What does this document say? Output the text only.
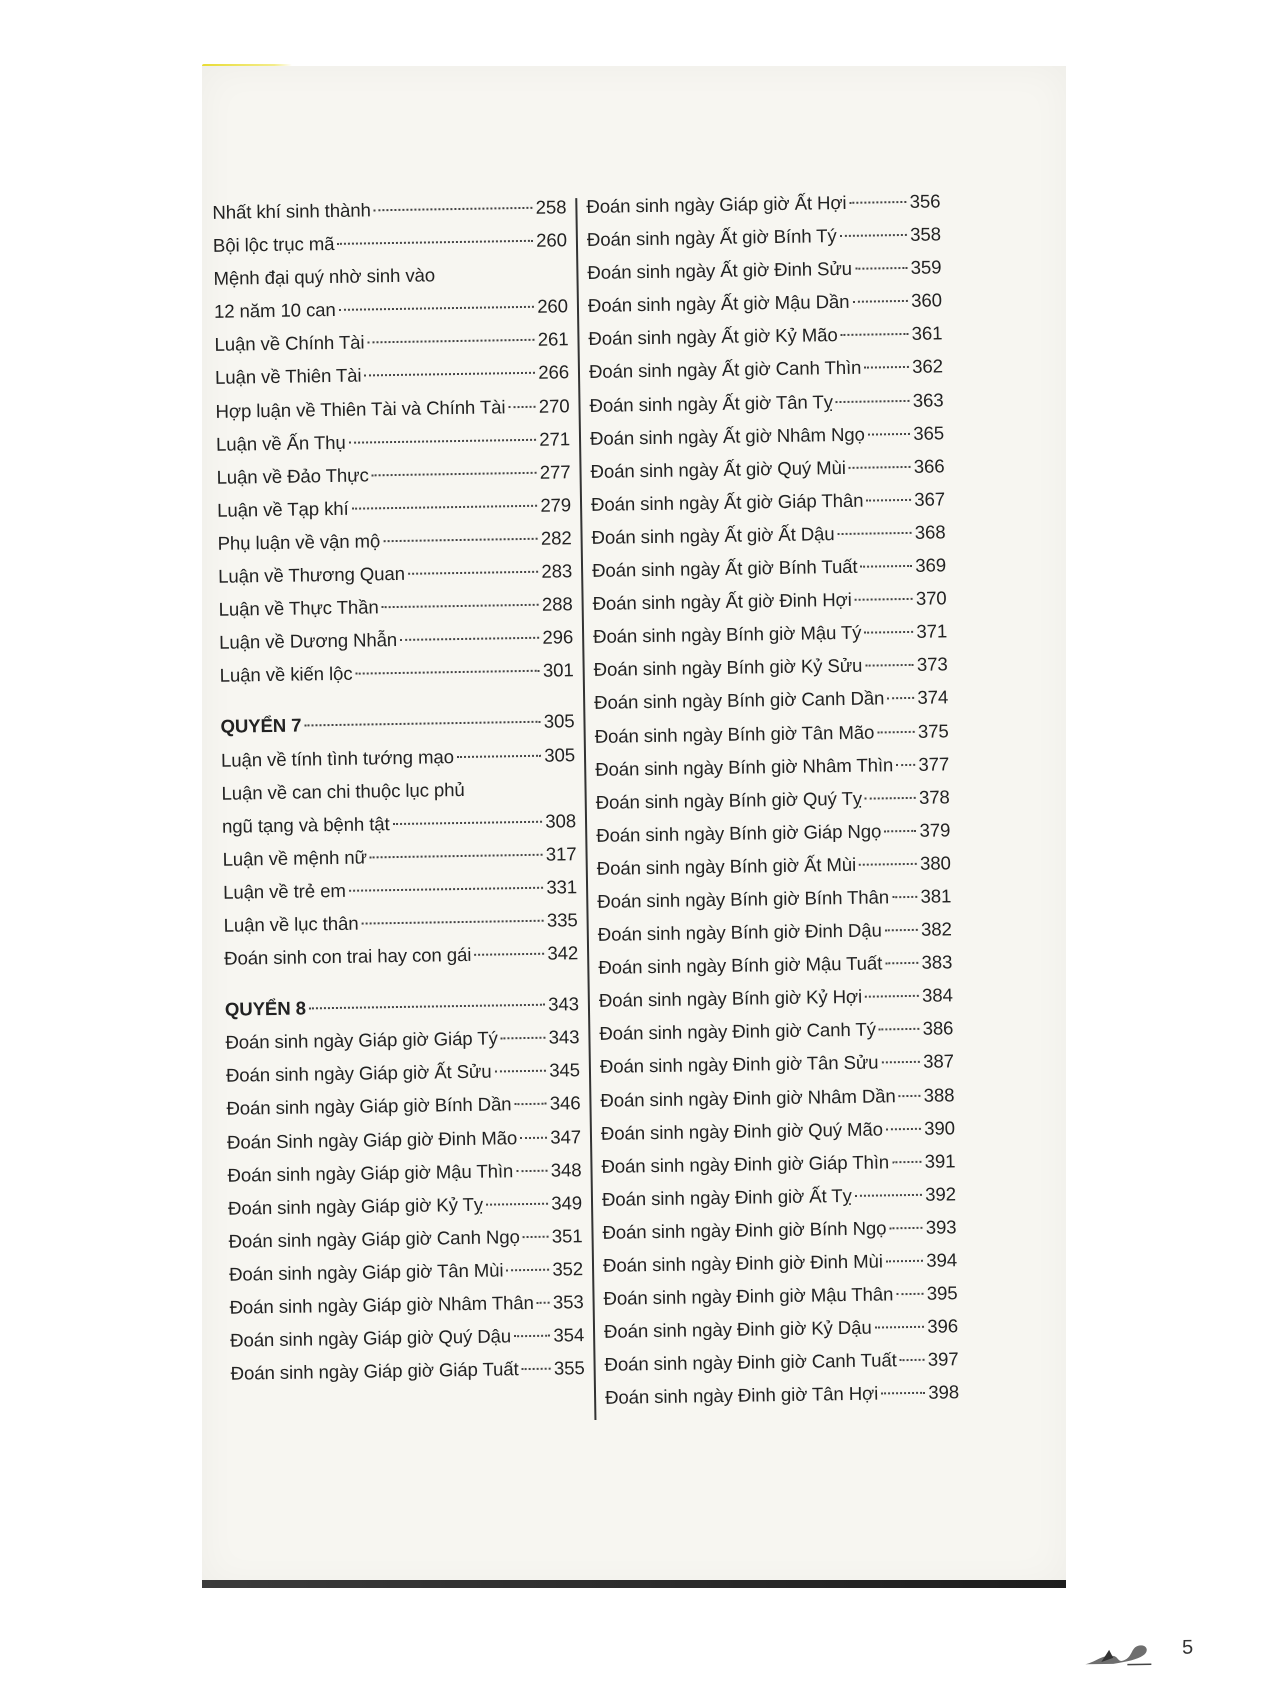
Nhất khí sinh thành	258
Bội lộc trục mã	260
Mệnh đại quý nhờ sinh vào
12 năm 10 can	260
Luận về Chính Tài	261
Luận về Thiên Tài	266
Hợp luận về Thiên Tài và Chính Tài 270
Luận về Ấn Thụ	271
Luận về Đảo Thực	277
Luận về Tạp khí	279
Phụ luận về vận mộ	282
Luận về Thương Quan	283
Luận về Thực Thần	288
Luận về Dương Nhẫn	296
Luận về kiến lộc	301
QUYỂN 7	305
Luận về tính tình tướng mạo	305
Luận về can chi thuộc lục phủ
ngũ tạng và bệnh tật	308
Luận về mệnh nữ	317
Luận về trẻ em	331
Luận về lục thân	335
Đoán sinh con trai hay con gái	342
QUYỂN 8	343
Đoán sinh ngày Giáp giờ Giáp Tý	343
Đoán sinh ngày Giáp giờ Ất Sửu	345
Đoán sinh ngày Giáp giờ Bính Dần 346
Đoán Sinh ngày Giáp giờ Đinh Mão 347
Đoán sinh ngày Giáp giờ Mậu Thìn 348
Đoán sinh ngày Giáp giờ Kỷ Tỵ	349
Đoán sinh ngày Giáp giờ Canh Ngọ 351
Đoán sinh ngày Giáp giờ Tân Mùi	352
Đoán sinh ngày Giáp giờ Nhâm Thân 353
Đoán sinh ngày Giáp giờ Quý Dậu 354
Đoán sinh ngày Giáp giờ Giáp Tuất 355
Đoán sinh ngày Giáp giờ Ất Hợi	356
Đoán sinh ngày Ất giờ Bính Tý	358
Đoán sinh ngày Ất giờ Đinh Sửu	359
Đoán sinh ngày Ất giờ Mậu Dần	360
Đoán sinh ngày Ất giờ Kỷ Mão	361
Đoán sinh ngày Ất giờ Canh Thìn	362
Đoán sinh ngày Ất giờ Tân Tỵ	363
Đoán sinh ngày Ất giờ Nhâm Ngọ	365
Đoán sinh ngày Ất giờ Quý Mùi	366
Đoán sinh ngày Ất giờ Giáp Thân	367
Đoán sinh ngày Ất giờ Ất Dậu	368
Đoán sinh ngày Ất giờ Bính Tuất	369
Đoán sinh ngày Ất giờ Đinh Hợi	370
Đoán sinh ngày Bính giờ Mậu Tý	371
Đoán sinh ngày Bính giờ Kỷ Sửu	373
Đoán sinh ngày Bính giờ Canh Dần 374
Đoán sinh ngày Bính giờ Tân Mão 375
Đoán sinh ngày Bính giờ Nhâm Thìn 377
Đoán sinh ngày Bính giờ Quý Tỵ	378
Đoán sinh ngày Bính giờ Giáp Ngọ 379
Đoán sinh ngày Bính giờ Ất Mùi	380
Đoán sinh ngày Bính giờ Bính Thân 381
Đoán sinh ngày Bính giờ Đinh Dậu 382
Đoán sinh ngày Bính giờ Mậu Tuất 383
Đoán sinh ngày Bính giờ Kỷ Hợi	384
Đoán sinh ngày Đinh giờ Canh Tý 386
Đoán sinh ngày Đinh giờ Tân Sửu 387
Đoán sinh ngày Đinh giờ Nhâm Dần 388
Đoán sinh ngày Đinh giờ Quý Mão 390
Đoán sinh ngày Đinh giờ Giáp Thìn 391
Đoán sinh ngày Đinh giờ Ất Tỵ	392
Đoán sinh ngày Đinh giờ Bính Ngọ 393
Đoán sinh ngày Đinh giờ Đinh Mùi 394
Đoán sinh ngày Đinh giờ Mậu Thân 395
Đoán sinh ngày Đinh giờ Kỷ Dậu	396
Đoán sinh ngày Đinh giờ Canh Tuất 397
Đoán sinh ngày Đinh giờ Tân Hợi	398
5
